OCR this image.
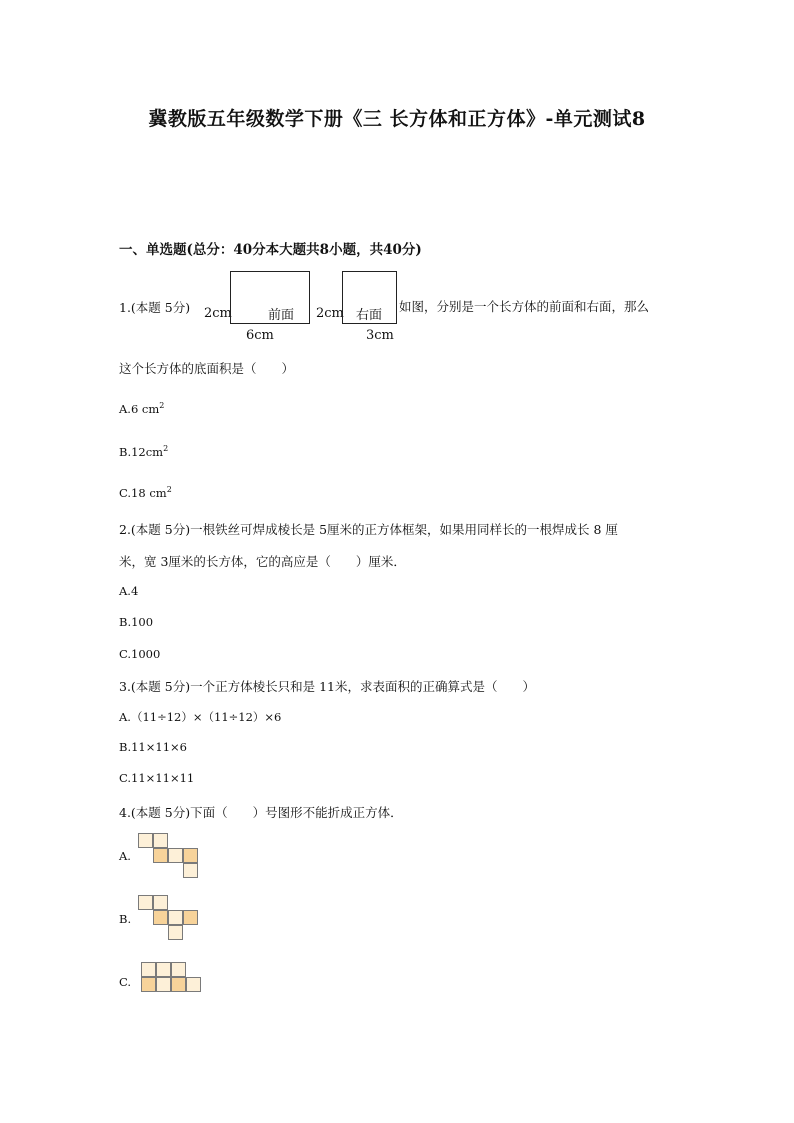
冀教版五年级数学下册《三 长方体和正方体》-单元测试8
一、单选题(总分：40分本大题共8小题，共40分)
1.(本题 5分) 2cm	前面
6cm
2cm 右面
3cm
如图，分别是一个长方体的前面和右面，那么
这个长方体的底面积是（　　）
A.6 $cm^2$
$B.12cm^2$
C.18 $cm^2$
2.(本题 5分)一根铁丝可焊成棱长是 5厘米的正方体框架，如果用同样长的一根焊成长 8 厘
米，宽 3厘米的长方体，它的高应是（　　）厘米．
A.4
B.100
C.1000
3.(本题 5分)一个正方体棱长只和是 11米，求表面积的正确算式是（　　）
A.（11÷12）×（11÷12）×6
B.11×11×6
C.11×11×11
4.(本题 5分)下面（　　）号图形不能折成正方体．
A.
B.
C.
